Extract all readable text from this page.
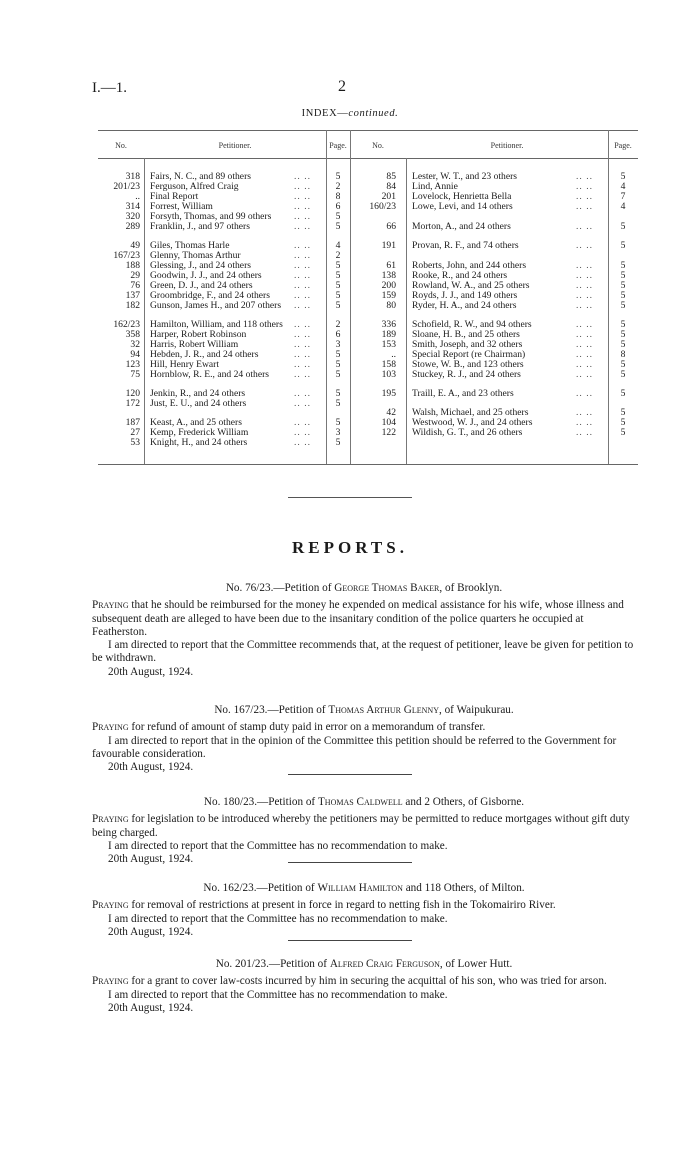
I.—1.	2
INDEX—continued.
No.	Petitioner.	Page.	No.	Petitioner.	Page.
318 Fairs, N. C., and 89 others	.. ..	5
201/23 Ferguson, Alfred Craig	.. ..	2
.. Final Report	.. ..	8
314 Forrest, William	.. ..	6
320 Forsyth, Thomas, and 99 others .. ..	5
289 Franklin, J., and 97 others	.. ..	5
49 Giles, Thomas Harle	.. ..	4
167/23 Glenny, Thomas Arthur	.. ..	2
188 Glessing, J., and 24 others	.. ..	5
29 Goodwin, J. J., and 24 others	.. ..	5
76 Green, D. J., and 24 others	.. ..	5
137 Groombridge, F., and 24 others	.. ..	5
182 Gunson, James H., and 207 others .. ..	5
162/23 Hamilton, William, and 118 others .. ..	2
358 Harper, Robert Robinson	.. ..	6
32 Harris, Robert William	.. ..	3
94 Hebden, J. R., and 24 others	.. ..	5
123 Hill, Henry Ewart	.. ..	5
75 Hornblow, R. E., and 24 others	.. ..	5
120 Jenkin, R., and 24 others	.. ..	5
172 Just, E. U., and 24 others	.. ..	5
187 Keast, A., and 25 others	.. ..	5
27 Kemp, Frederick William	.. ..	3
53 Knight, H., and 24 others	.. ..	5
85 Lester, W. T., and 23 others	.. ..	5
84 Lind, Annie	.. ..	4
201 Lovelock, Henrietta Bella	.. ..	7
160/23 Lowe, Levi, and 14 others	.. ..	4
66 Morton, A., and 24 others	.. ..	5
191 Provan, R. F., and 74 others	.. ..	5
61 Roberts, John, and 244 others	.. ..	5
138 Rooke, R., and 24 others	.. ..	5
200 Rowland, W. A., and 25 others	.. ..	5
159 Royds, J. J., and 149 others	.. ..	5
80 Ryder, H. A., and 24 others	.. ..	5
336 Schofield, R. W., and 94 others	.. ..	5
189 Sloane, H. B., and 25 others	.. ..	5
153 Smith, Joseph, and 32 others	.. ..	5
.. Special Report (re Chairman)	.. ..	8
158 Stowe, W. B., and 123 others	.. ..	5
103 Stuckey, R. J., and 24 others	.. ..	5
195 Traill, E. A., and 23 others	.. ..	5
42 Walsh, Michael, and 25 others	.. ..	5
104 Westwood, W. J., and 24 others	.. ..	5
122 Wildish, G. T., and 26 others	.. ..	5
REPORTS.
No. 76/23.—Petition of George Thomas Baker, of Brooklyn.

Praying that he should be reimbursed for the money he expended on medical assistance for his wife, whose illness and subsequent death are alleged to have been due to the insanitary condition of the police quarters he occupied at Featherston.

I am directed to report that the Committee recommends that, at the request of petitioner, leave be given for petition to be withdrawn.

20th August, 1924.

No. 167/23.—Petition of Thomas Arthur Glenny, of Waipukurau.

Praying for refund of amount of stamp duty paid in error on a memorandum of transfer.

I am directed to report that in the opinion of the Committee this petition should be referred to the Government for favourable consideration.

20th August, 1924.

No. 180/23.—Petition of Thomas Caldwell and 2 Others, of Gisborne.

Praying for legislation to be introduced whereby the petitioners may be permitted to reduce mortgages without gift duty being charged.

I am directed to report that the Committee has no recommendation to make.

20th August, 1924.

No. 162/23.—Petition of William Hamilton and 118 Others, of Milton.

Praying for removal of restrictions at present in force in regard to netting fish in the Tokomairiro River.

I am directed to report that the Committee has no recommendation to make.

20th August, 1924.

No. 201/23.—Petition of Alfred Craig Ferguson, of Lower Hutt.

Praying for a grant to cover law-costs incurred by him in securing the acquittal of his son, who was tried for arson.

I am directed to report that the Committee has no recommendation to make.

20th August, 1924.
